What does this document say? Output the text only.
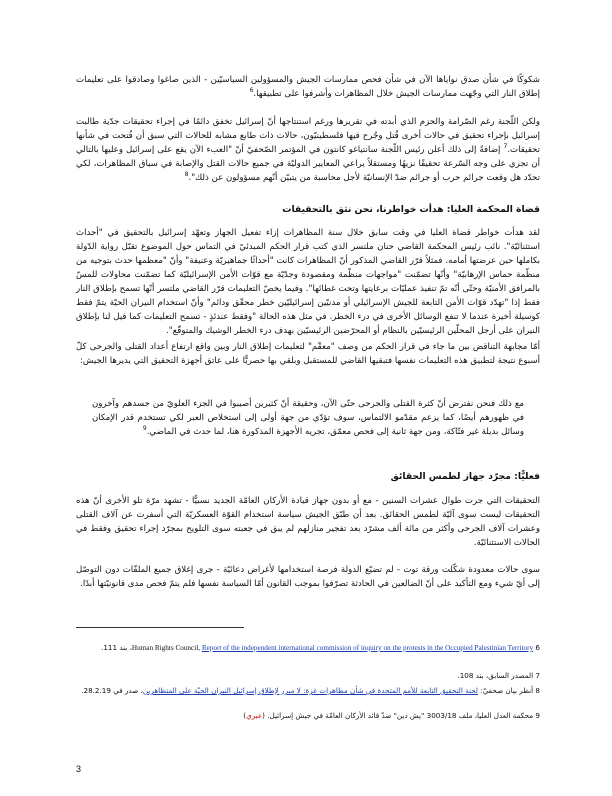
شكوكًا في شأن صدق نواياها الآن في شأن فحص ممارسات الجيش والمسؤولين السياسيّين - الذين صاغوا وصادقوا على تعليمات إطلاق النار التي وجّهت ممارسات الجيش خلال المظاهرات وأشرفوا على تطبيقها.$^6$

ولكن اللّجنة رغم الصّرامة والحزم الذي أبدته في تقريرها ورغم استنتاجها أنّ إسرائيل تخفق دائمًا في إجراء تحقيقات جدّية طالبت إسرائيل بإجراء تحقيق في حالات أخرى قُتل وجُرح فيها فلسطينيّون، حالات ذات طابع مشابه للحالات التي سبق أن فُتحت في شأنها تحقيقات.$^7$ إضافةً إلى ذلك أعلن رئيس اللّجنة سانتياغو كانتون في المؤتمر الصّحفيّ أنّ "العبء الآن يقع على إسرائيل وعليها بالتالي أن تجري على وجه السّرعة تحقيقًا نزيهًا ومستقلاً يراعي المعايير الدوليّة في جميع حالات القتل والإصابة في سياق المظاهرات، لكي تحدّد هل وقعت جرائم حرب أو جرائم ضدّ الإنسانيّة لأجل محاسبة من يتبيّن أنّهم مسؤولون عن ذلك".$^8$

قضاة المحكمة العليا: هدأت خواطرنا، نحن نثق بالتحقيقات

لقد هدأت خواطر قضاة العليا في وقت سابق خلال سنة المظاهرات إزاء تفعيل الجهاز وتعهّد إسرائيل بالتحقيق في "أحداث استثنائيّة". نائب رئيس المحكمة القاضي حنان ملتسر الذي كتب قرار الحكم المبدئيّ في التماس حول الموضوع تقبّل رواية الدّولة بكاملها حين عرضتها أمامه. فمثلاً قرّر القاضي المذكور أنّ المظاهرات كانت "أحداثًا جماهيريّة وعنيفة" وأنّ "معظمها حدث بتوجيه من منظّمة حماس الإرهابيّة" وأنّها تضمّنت "مواجهات منظّمة ومقصودة وجدّيّة مع قوّات الأمن الإسرائيليّة كما تضمّنت محاولات للمسّ بالمرافق الأمنيّة وحتّى أنّه تمّ تنفيذ عمليّات برعايتها وتحت غطائها". وفيما يخصّ التعليمات قرّر القاضي ملتسر أنّها تسمح بإطلاق النار فقط إذا "تهدّد قوّات الأمن التابعة للجيش الإسرائيلي أو مدنيّين إسرائيليّين خطر محقّق ودائم" وأنّ استخدام النيران الحيّة يتمّ فقط كوسيلة أخيرة عندما لا تنفع الوسائل الأخرى في درء الخطر. في مثل هذه الحالة "وفقط عندئذٍ - تسمح التعليمات كما قيل لنا بإطلاق النيران على أرجل المحلّين الرئيسيّين بالنظام أو المحرّضين الرئيسيّين بهدف درء الخطر الوشيك والمتوقّع".

أمّا مجابهة التناقض بين ما جاء في قرار الحكم من وصف "معقّم" لتعليمات إطلاق النار وبين واقع ارتفاع أعداد القتلى والجرحى كلّ أسبوع نتيجة لتطبيق هذه التعليمات نفسها فتبقيها القاضي للمستقبل وبلقي بها حصريًّا على عاتق أجهزة التحقيق التي يديرها الجيش:

مع ذلك فنحن نفترض أنّ كثرة القتلى والجرحى حتّى الآن، وحقيقة أنّ كثيرين أصيبوا في الجزء العلويّ من جسدهم وآخرون في ظهورهم أيضًا، كما يزعم مقدّمو الالتماس، سوف تؤدّي من جهة أولى إلى استخلاص العبر لكي تستخدم قدر الإمكان وسائل بديلة غير فتّاكة، ومن جهة ثانية إلى فحص معمّق، تجريه الأجهزة المذكورة هنا، لما حدث في الماضي.$^9$

فعليًّا: مجرّد جهاز لطمس الحقائق

التحقيقات التي جرت طوال عشرات السنين - مع أو بدون جهاز قيادة الأركان العامّة الجديد نسبيًّا - تشهد مرّة تلو الأخرى أنّ هذه التحقيقات ليست سوى آليّة لطمس الحقائق. بعد أن طبّق الجيش سياسة استخدام القوّة العسكريّة التي أسفرت عن آلاف القتلى وعشرات آلاف الجرحى وأكثر من مائة ألف مشرّد بعد تفجير منازلهم لم يبق في جعبته سوى التلويح بمجرّد إجراء تحقيق وفقط في الحالات الاستثنائيّة.

سوى حالات معدودة شكّلت ورقة توت - لم تضيّع الدولة فرصة استخدامها لأغراض دعائيّة - جرى إغلاق جميع الملفّات دون التوصّل إلى أيّ شيء ومع التأكيد على أنّ الضالعين في الحادثة تصرّفوا بموجب القانون أمّا السياسة نفسها فلم يتمّ فحص مدى قانونيّتها أبدًا.

6 Human Rights Council, Report of the independent international commission of inquiry on the protests in the Occupied Palestinian Territory، بند 111.

7 المصدر السابق، بند 108.

8 أنظر بيان صحفيّ: لجنة التحقيق التابعة للأمم المتحدة في شأن مظاهرات غزة: لا مبرر لإطلاق إسرائيل النيران الحيّة على المتظاهرين، صدر في 28.2.19.

9 محكمة العدل العليا، ملف 3003/18 "يش دين" ضدّ قائد الأركان العامّة في جيش إسرائيل. (عبري)

3
